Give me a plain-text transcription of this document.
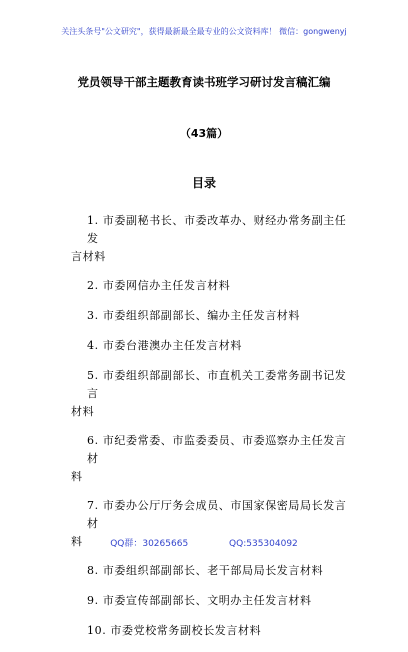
关注头条号"公文研究"，获得最新最全最专业的公文资料库！ 微信：gongwenyj
党员领导干部主题教育读书班学习研讨发言稿汇编
（43篇）
目录
1. 市委副秘书长、市委改革办、财经办常务副主任发
言材料
2. 市委网信办主任发言材料
3. 市委组织部副部长、编办主任发言材料
4. 市委台港澳办主任发言材料
5. 市委组织部副部长、市直机关工委常务副书记发言
材料
6. 市纪委常委、市监委委员、市委巡察办主任发言材
料
7. 市委办公厅厅务会成员、市国家保密局局长发言材
料
8. 市委组织部副部长、老干部局局长发言材料
9. 市委宣传部副部长、文明办主任发言材料
10. 市委党校常务副校长发言材料
QQ群：30265665	QQ:535304092
